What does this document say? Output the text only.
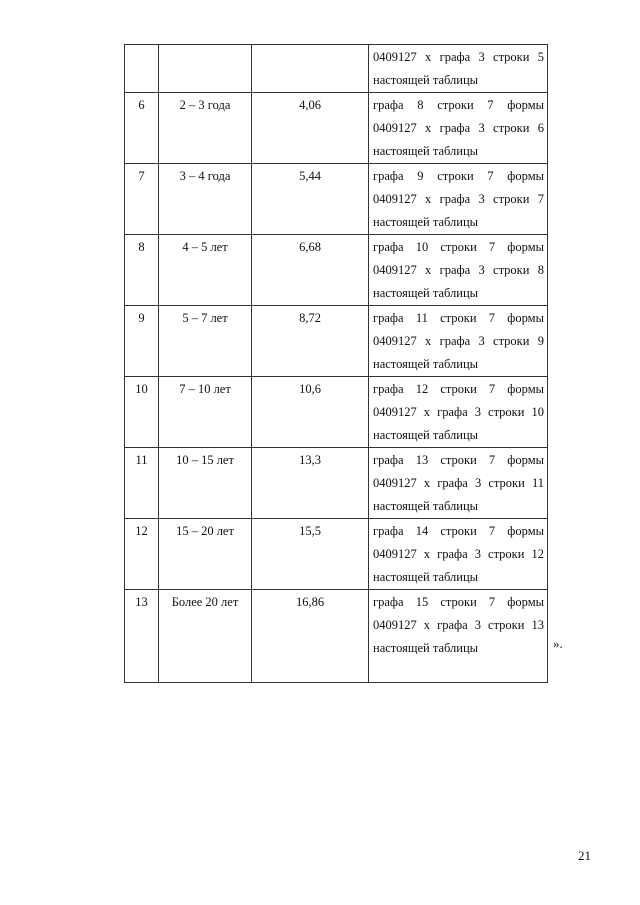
			0409127 х графа 3 строки 5 настоящей таблицы
6	2 – 3 года	4,06	графа 8 строки 7 формы 0409127 х графа 3 строки 6 настоящей таблицы
7	3 – 4 года	5,44	графа 9 строки 7 формы 0409127 х графа 3 строки 7 настоящей таблицы
8	4 – 5 лет	6,68	графа 10 строки 7 формы 0409127 х графа 3 строки 8 настоящей таблицы
9	5 – 7 лет	8,72	графа 11 строки 7 формы 0409127 х графа 3 строки 9 настоящей таблицы
10	7 – 10 лет	10,6	графа 12 строки 7 формы 0409127 х графа 3 строки 10 настоящей таблицы
11	10 – 15 лет	13,3	графа 13 строки 7 формы 0409127 х графа 3 строки 11 настоящей таблицы
12	15 – 20 лет	15,5	графа 14 строки 7 формы 0409127 х графа 3 строки 12 настоящей таблицы
13	Более 20 лет	16,86	графа 15 строки 7 формы 0409127 х графа 3 строки 13 настоящей таблицы	».
21
